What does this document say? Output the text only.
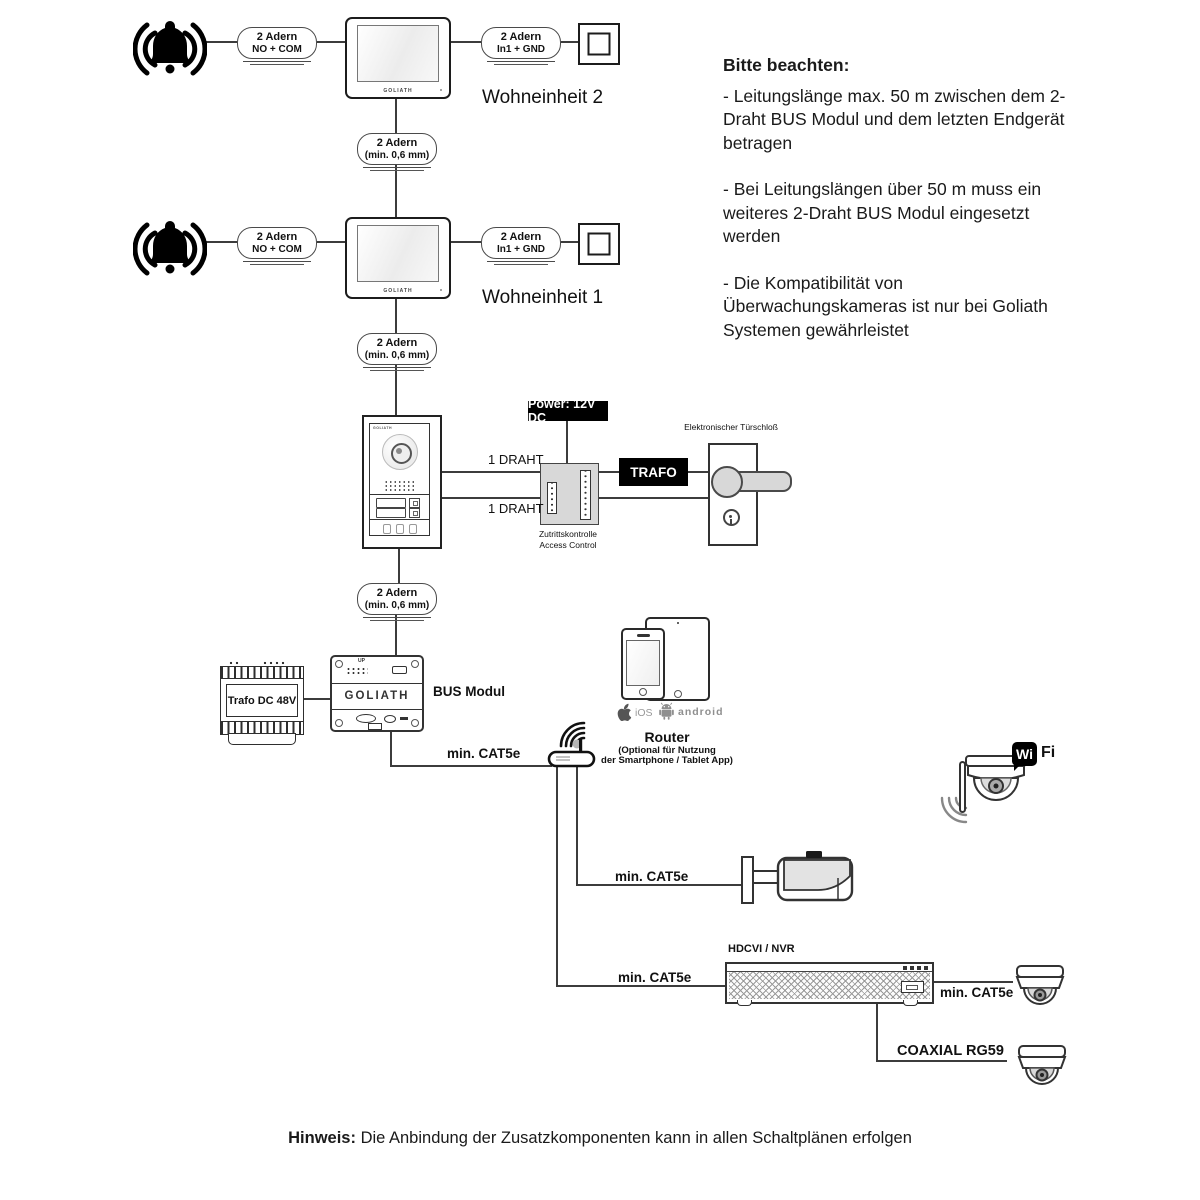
2 Adern
NO + COM
GOLIATH
2 Adern
In1 + GND
Wohneinheit 2
2 Adern
(min. 0,6 mm)
2 Adern
NO + COM
GOLIATH
2 Adern
In1 + GND
Wohneinheit 1
2 Adern
(min. 0,6 mm)
GOLIATH
2 Adern
(min. 0,6 mm)
1 DRAHT
1 DRAHT
Power: 12V DC
Zutrittskontrolle
Access Control
TRAFO
Elektronischer Türschloß
Trafo DC 48V
UP
GOLIATH	BUS Modul
min. CAT5e
iOS android
Router
(Optional für Nutzung
der Smartphone / Tablet App)
min. CAT5e
min. CAT5e
Wi Fi
HDCVI / NVR
min. CAT5e
COAXIAL RG59
Bitte beachten:

- Leitungslänge max. 50 m zwischen dem 2-Draht BUS Modul und dem letzten Endgerät betragen

- Bei Leitungslängen über 50 m muss ein weiteres 2-Draht BUS Modul eingesetzt werden

- Die Kompatibilität von Überwachungskameras ist nur bei Goliath Systemen gewährleistet

Hinweis: Die Anbindung der Zusatzkomponenten kann in allen Schaltplänen erfolgen
